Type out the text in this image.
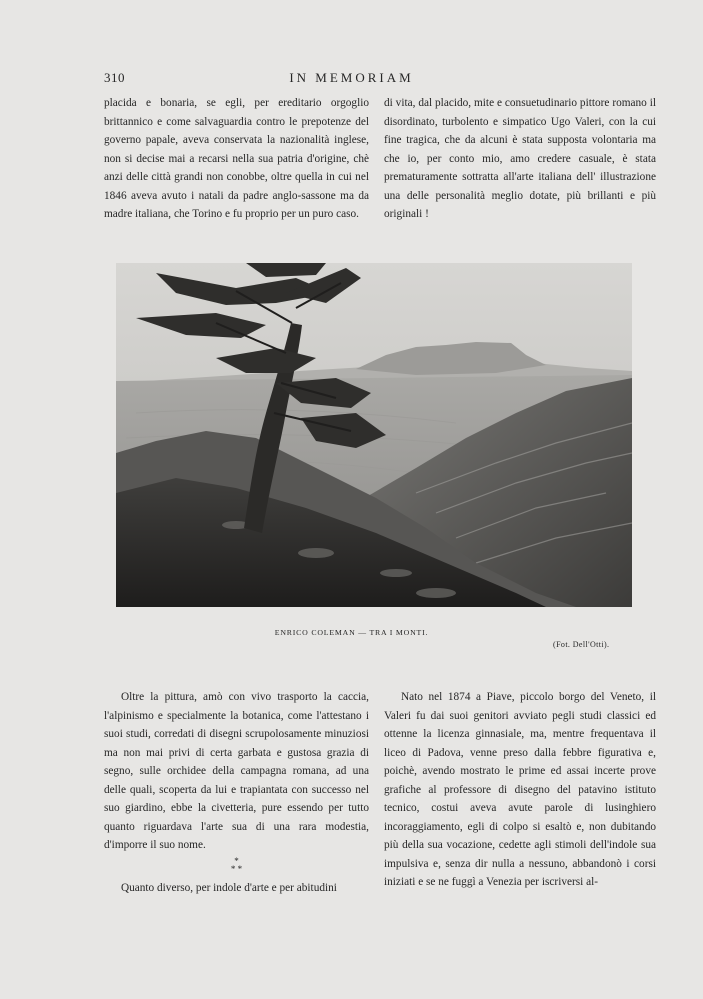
310	IN MEMORIAM

placida e bonaria, se egli, per ereditario orgoglio brittannico e come salvaguardia contro le prepotenze del governo papale, aveva conservata la nazionalità inglese, non si decise mai a recarsi nella sua patria d'origine, chè anzi delle città grandi non conobbe, oltre quella in cui nel 1846 aveva avuto i natali da padre anglo-sassone ma da madre italiana, che Torino e fu proprio per un puro caso.

di vita, dal placido, mite e consuetudinario pittore romano il disordinato, turbolento e simpatico Ugo Valeri, con la cui fine tragica, che da alcuni è stata supposta volontaria ma che io, per conto mio, amo credere casuale, è stata prematuramente sottratta all'arte italiana dell' illustrazione una delle personalità meglio dotate, più brillanti e più originali !

ENRICO COLEMAN — TRA I MONTI.
(Fot. Dell'Otti).

Oltre la pittura, amò con vivo trasporto la caccia, l'alpinismo e specialmente la botanica, come l'attestano i suoi studi, corredati di disegni scrupolosamente minuziosi ma non mai privi di certa garbata e gustosa grazia di segno, sulle orchidee della campagna romana, ad una delle quali, scoperta da lui e trapiantata con successo nel suo giardino, ebbe la civetteria, pure essendo per tutto quanto riguardava l'arte sua di una rara modestia, d'imporre il suo nome.

*
* *

Quanto diverso, per indole d'arte e per abitudini

Nato nel 1874 a Piave, piccolo borgo del Veneto, il Valeri fu dai suoi genitori avviato pegli studi classici ed ottenne la licenza ginnasiale, ma, mentre frequentava il liceo di Padova, venne preso dalla febbre figurativa e, poichè, avendo mostrato le prime ed assai incerte prove grafiche al professore di disegno del patavino istituto tecnico, costui aveva avute parole di lusinghiero incoraggiamento, egli di colpo si esaltò e, non dubitando più della sua vocazione, cedette agli stimoli dell'indole sua impulsiva e, senza dir nulla a nessuno, abbandonò i corsi iniziati e se ne fuggì a Venezia per iscriversi al-
